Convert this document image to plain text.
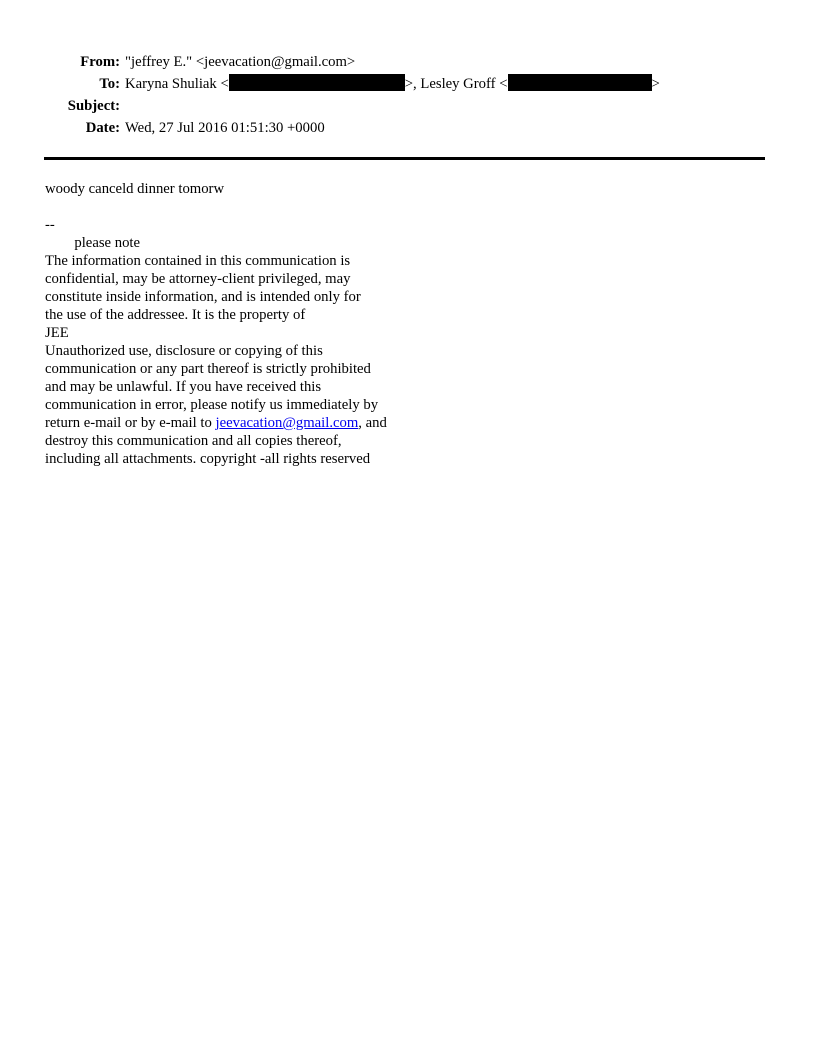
From: "jeffrey E." <jeevacation@gmail.com>
To: Karyna Shuliak <	>, Lesley Groff <	>
Subject:
Date: Wed, 27 Jul 2016 01:51:30 +0000
woody canceld dinner tomorw
--
please note
The information contained in this communication is
confidential, may be attorney-client privileged, may
constitute inside information, and is intended only for
the use of the addressee. It is the property of
JEE
Unauthorized use, disclosure or copying of this
communication or any part thereof is strictly prohibited
and may be unlawful. If you have received this
communication in error, please notify us immediately by
return e-mail or by e-mail to jeevacation@gmail.com, and
destroy this communication and all copies thereof,
including all attachments. copyright -all rights reserved
